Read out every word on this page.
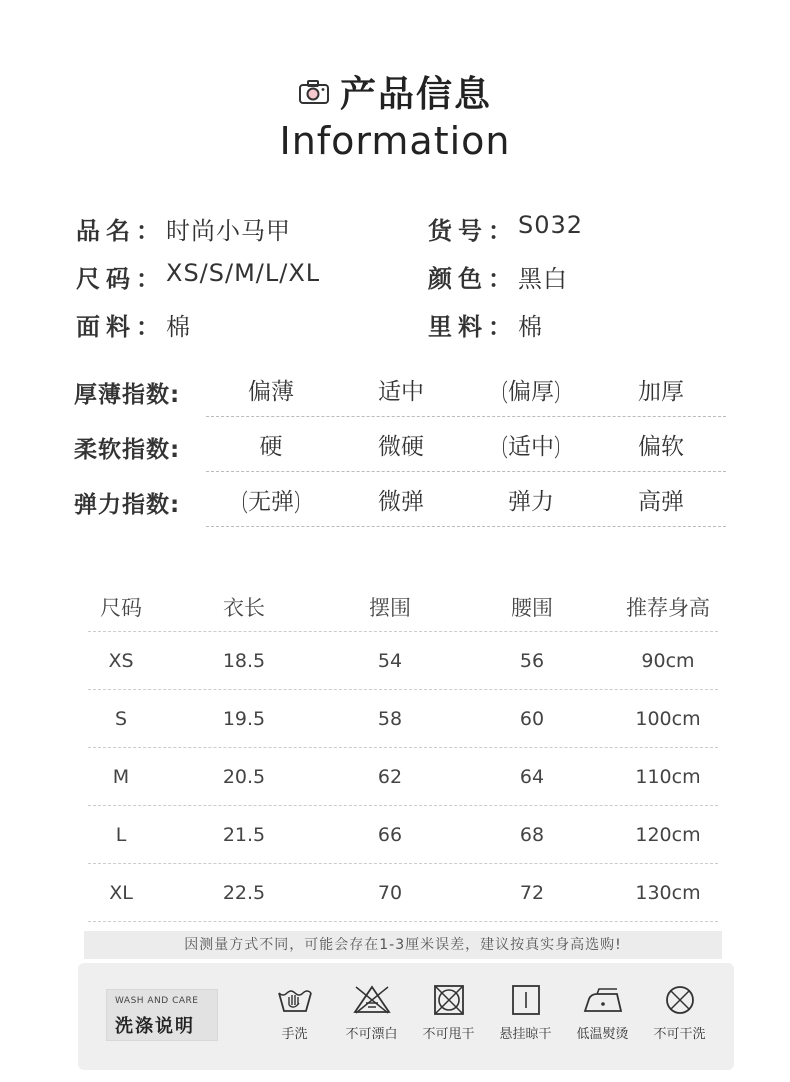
产品信息
Information
品名： 时尚小马甲	货号： S032
尺码： XS/S/M/L/XL	颜色： 黑白
面料： 棉	里料： 棉
厚薄指数:	偏薄	适中	偏厚	加厚
柔软指数:	硬	微硬	适中	偏软
弹力指数:	无弹	微弹	弹力	高弹
尺码	衣长	摆围	腰围	推荐身高
XS	18.5	54	56	90cm
S	19.5	58	60	100cm
M	20.5	62	64	110cm
L	21.5	66	68	120cm
XL	22.5	70	72	130cm
因测量方式不同，可能会存在1-3厘米误差，建议按真实身高选购!
WASH AND CARE
洗涤说明	手洗	不可漂白	不可甩干	悬挂晾干	低温熨烫	不可干洗
